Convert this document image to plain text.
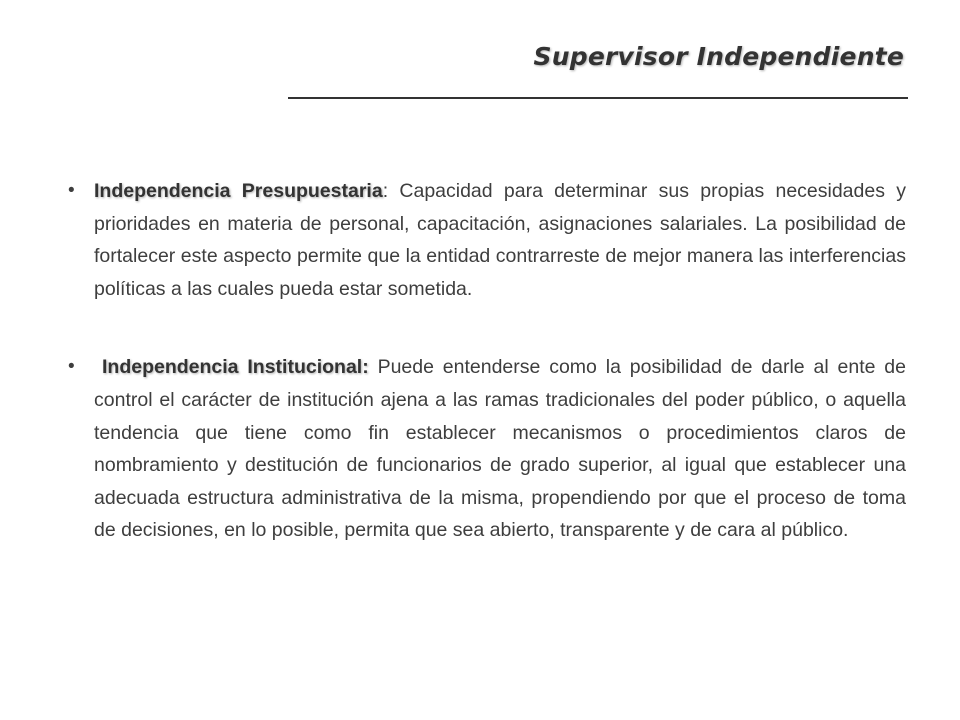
Supervisor Independiente
• Independencia Presupuestaria: Capacidad para determinar sus propias necesidades y prioridades en materia de personal, capacitación, asignaciones salariales. La posibilidad de fortalecer este aspecto permite que la entidad contrarreste de mejor manera las interferencias políticas a las cuales pueda estar sometida.
• Independencia Institucional: Puede entenderse como la posibilidad de darle al ente de control el carácter de institución ajena a las ramas tradicionales del poder público, o aquella tendencia que tiene como fin establecer mecanismos o procedimientos claros de nombramiento y destitución de funcionarios de grado superior, al igual que establecer una adecuada estructura administrativa de la misma, propendiendo por que el proceso de toma de decisiones, en lo posible, permita que sea abierto, transparente y de cara al público.
